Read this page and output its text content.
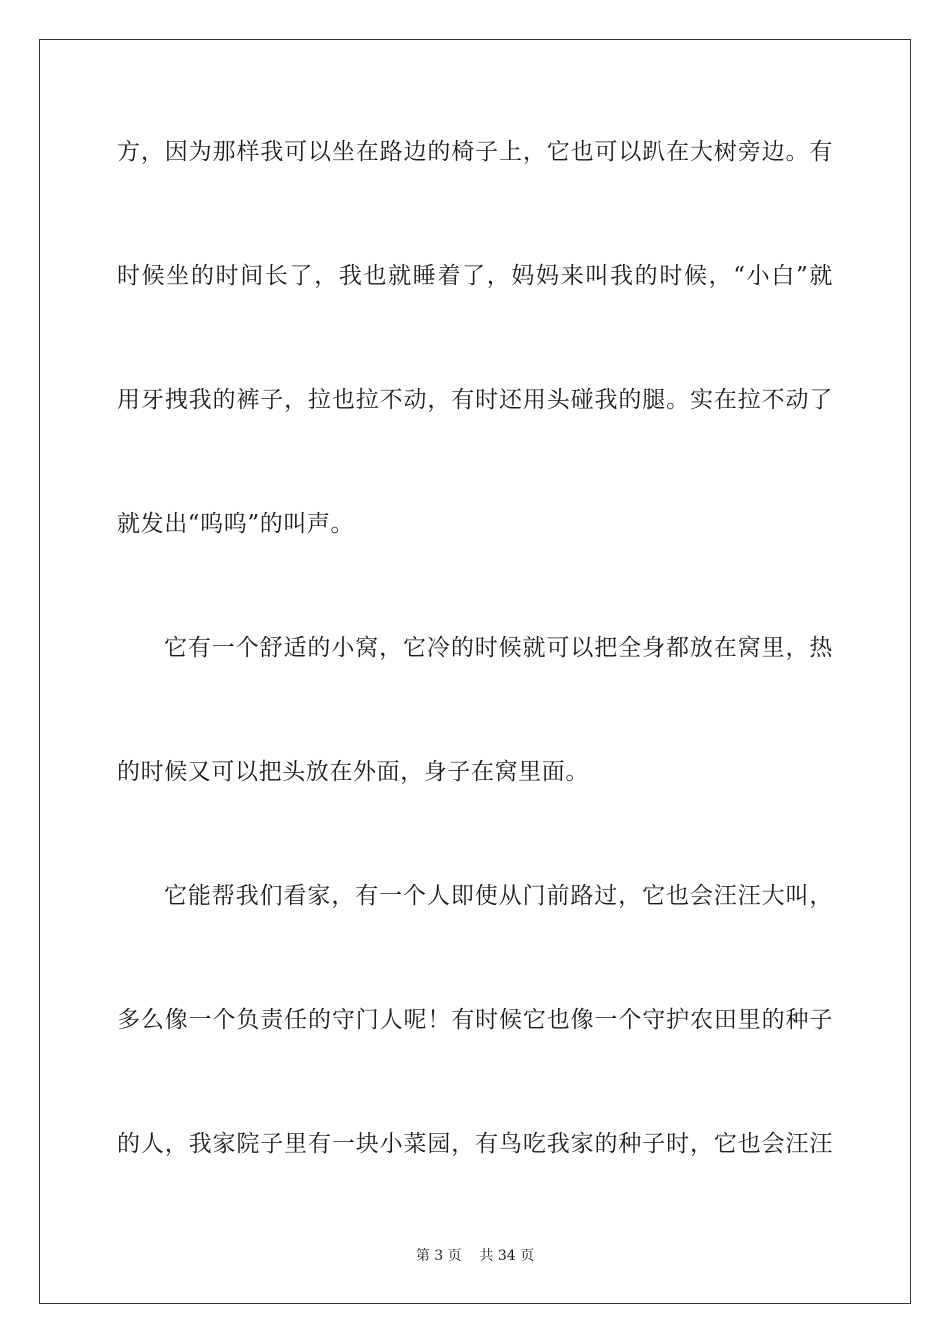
方，因为那样我可以坐在路边的椅子上，它也可以趴在大树旁边。有
时候坐的时间长了，我也就睡着了，妈妈来叫我的时候，“小白”就
用牙拽我的裤子，拉也拉不动，有时还用头碰我的腿。实在拉不动了
就发出“呜呜”的叫声。
它有一个舒适的小窝，它冷的时候就可以把全身都放在窝里，热
的时候又可以把头放在外面，身子在窝里面。
它能帮我们看家，有一个人即使从门前路过，它也会汪汪大叫，
多么像一个负责任的守门人呢！有时候它也像一个守护农田里的种子
的人，我家院子里有一块小菜园，有鸟吃我家的种子时，它也会汪汪
第 3 页    共 34 页
